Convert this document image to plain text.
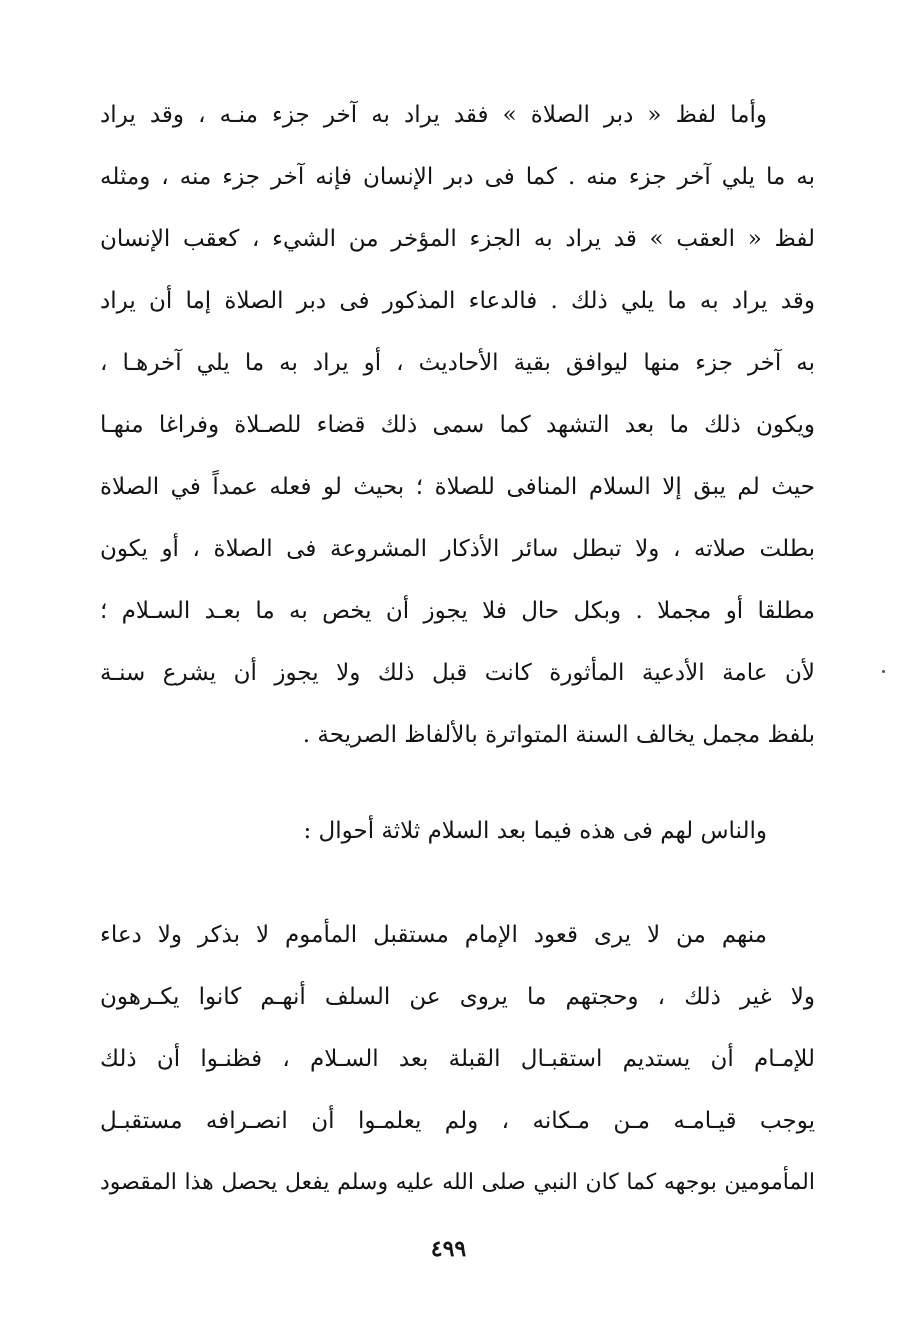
وأما لفظ « دبر الصلاة » فقد يراد به آخر جزء منـه ، وقد يراد
به ما يلي آخر جزء منه . كما فى دبر الإنسان فإنه آخر جزء منه ، ومثله
لفظ « العقب » قد يراد به الجزء المؤخر من الشيء ، كعقب الإنسان
وقد يراد به ما يلي ذلك . فالدعاء المذكور فى دبر الصلاة إما أن يراد
به آخر جزء منها ليوافق بقية الأحاديث ، أو يراد به ما يلي آخرهـا ،
ويكون ذلك ما بعد التشهد كما سمى ذلك قضاء للصـلاة وفراغا منهـا
حيث لم يبق إلا السلام المنافى للصلاة ؛ بحيث لو فعله عمداً في الصلاة
بطلت صلاته ، ولا تبطل سائر الأذكار المشروعة فى الصلاة ، أو يكون
مطلقا أو مجملا . وبكل حال فلا يجوز أن يخص به ما بعـد السـلام ؛
لأن عامة الأدعية المأثورة كانت قبل ذلك ولا يجوز أن يشرع سنـة
بلفظ مجمل يخالف السنة المتواترة بالألفاظ الصريحة .
والناس لهم فى هذه فيما بعد السلام ثلاثة أحوال :
منهم من لا يرى قعود الإمام مستقبل المأموم لا بذكر ولا دعاء
ولا غير ذلك ، وحجتهم ما يروى عن السلف أنهـم كانوا يكـرهون
للإمـام أن يستديم استقبـال القبلة بعد السـلام ، فظنـوا أن ذلك
يوجب قيـامـه مـن مـكانه ، ولم يعلمـوا أن انصـرافه مستقبـل
المأمومين بوجهه كما كان النبي صلى الله عليه وسلم يفعل يحصل هذا المقصود
٤٩٩
